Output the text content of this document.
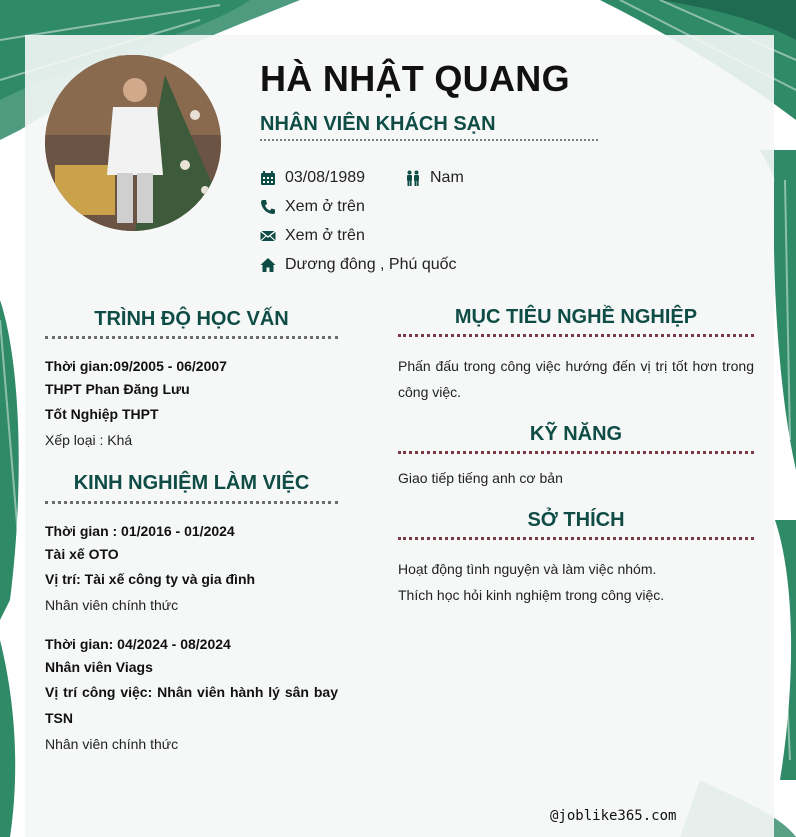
HÀ NHẬT QUANG
NHÂN VIÊN KHÁCH SẠN
03/08/1989	Nam
Xem ở trên
Xem ở trên
Dương đông , Phú quốc
TRÌNH ĐỘ HỌC VẤN
Thời gian:09/2005 - 06/2007
THPT Phan Đăng Lưu
Tốt Nghiệp THPT
Xếp loại : Khá
KINH NGHIỆM LÀM VIỆC
Thời gian : 01/2016 - 01/2024
Tài xế OTO
Vị trí: Tài xế công ty và gia đình
Nhân viên chính thức
Thời gian: 04/2024 - 08/2024
Nhân viên Viags
Vị trí công việc: Nhân viên hành lý sân bay TSN
Nhân viên chính thức
MỤC TIÊU NGHỀ NGHIỆP
Phấn đấu trong công việc hướng đến vị trị tốt hơn trong công việc.
KỸ NĂNG
Giao tiếp tiếng anh cơ bản
SỞ THÍCH
Hoạt động tình nguyện và làm việc nhóm.
Thích học hỏi kinh nghiệm trong công việc.
@joblike365.com
